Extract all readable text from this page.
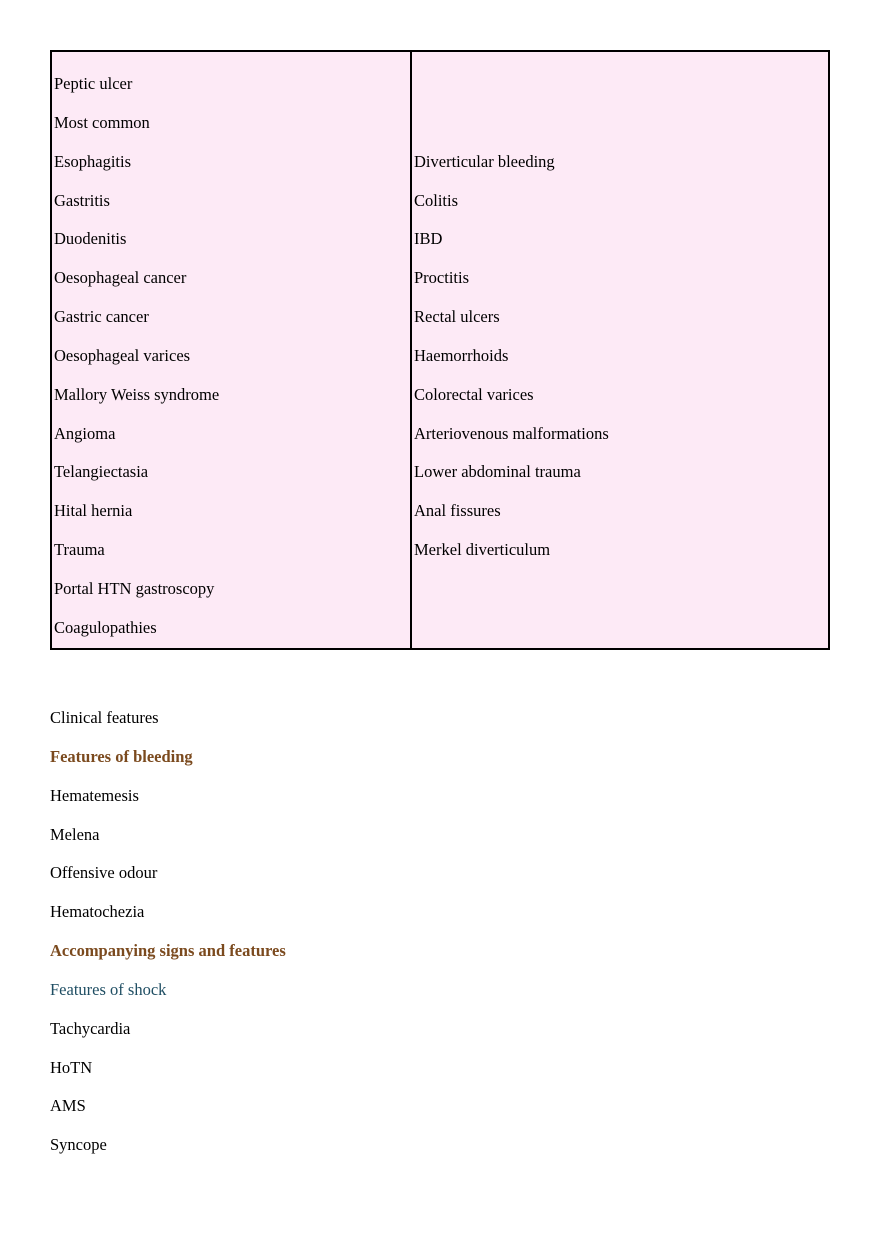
Peptic ulcer
Most common
Esophagitis
Gastritis
Duodenitis
Oesophageal cancer
Gastric cancer
Oesophageal varices
Mallory Weiss syndrome
Angioma
Telangiectasia
Hital hernia
Trauma
Portal HTN gastroscopy
Coagulopathies
Diverticular bleeding
Colitis
IBD
Proctitis
Rectal ulcers
Haemorrhoids
Colorectal varices
Arteriovenous malformations
Lower abdominal trauma
Anal fissures
Merkel diverticulum
Clinical features
Features of bleeding
Hematemesis
Melena
Offensive odour
Hematochezia
Accompanying signs and features
Features of shock
Tachycardia
HoTN
AMS
Syncope
